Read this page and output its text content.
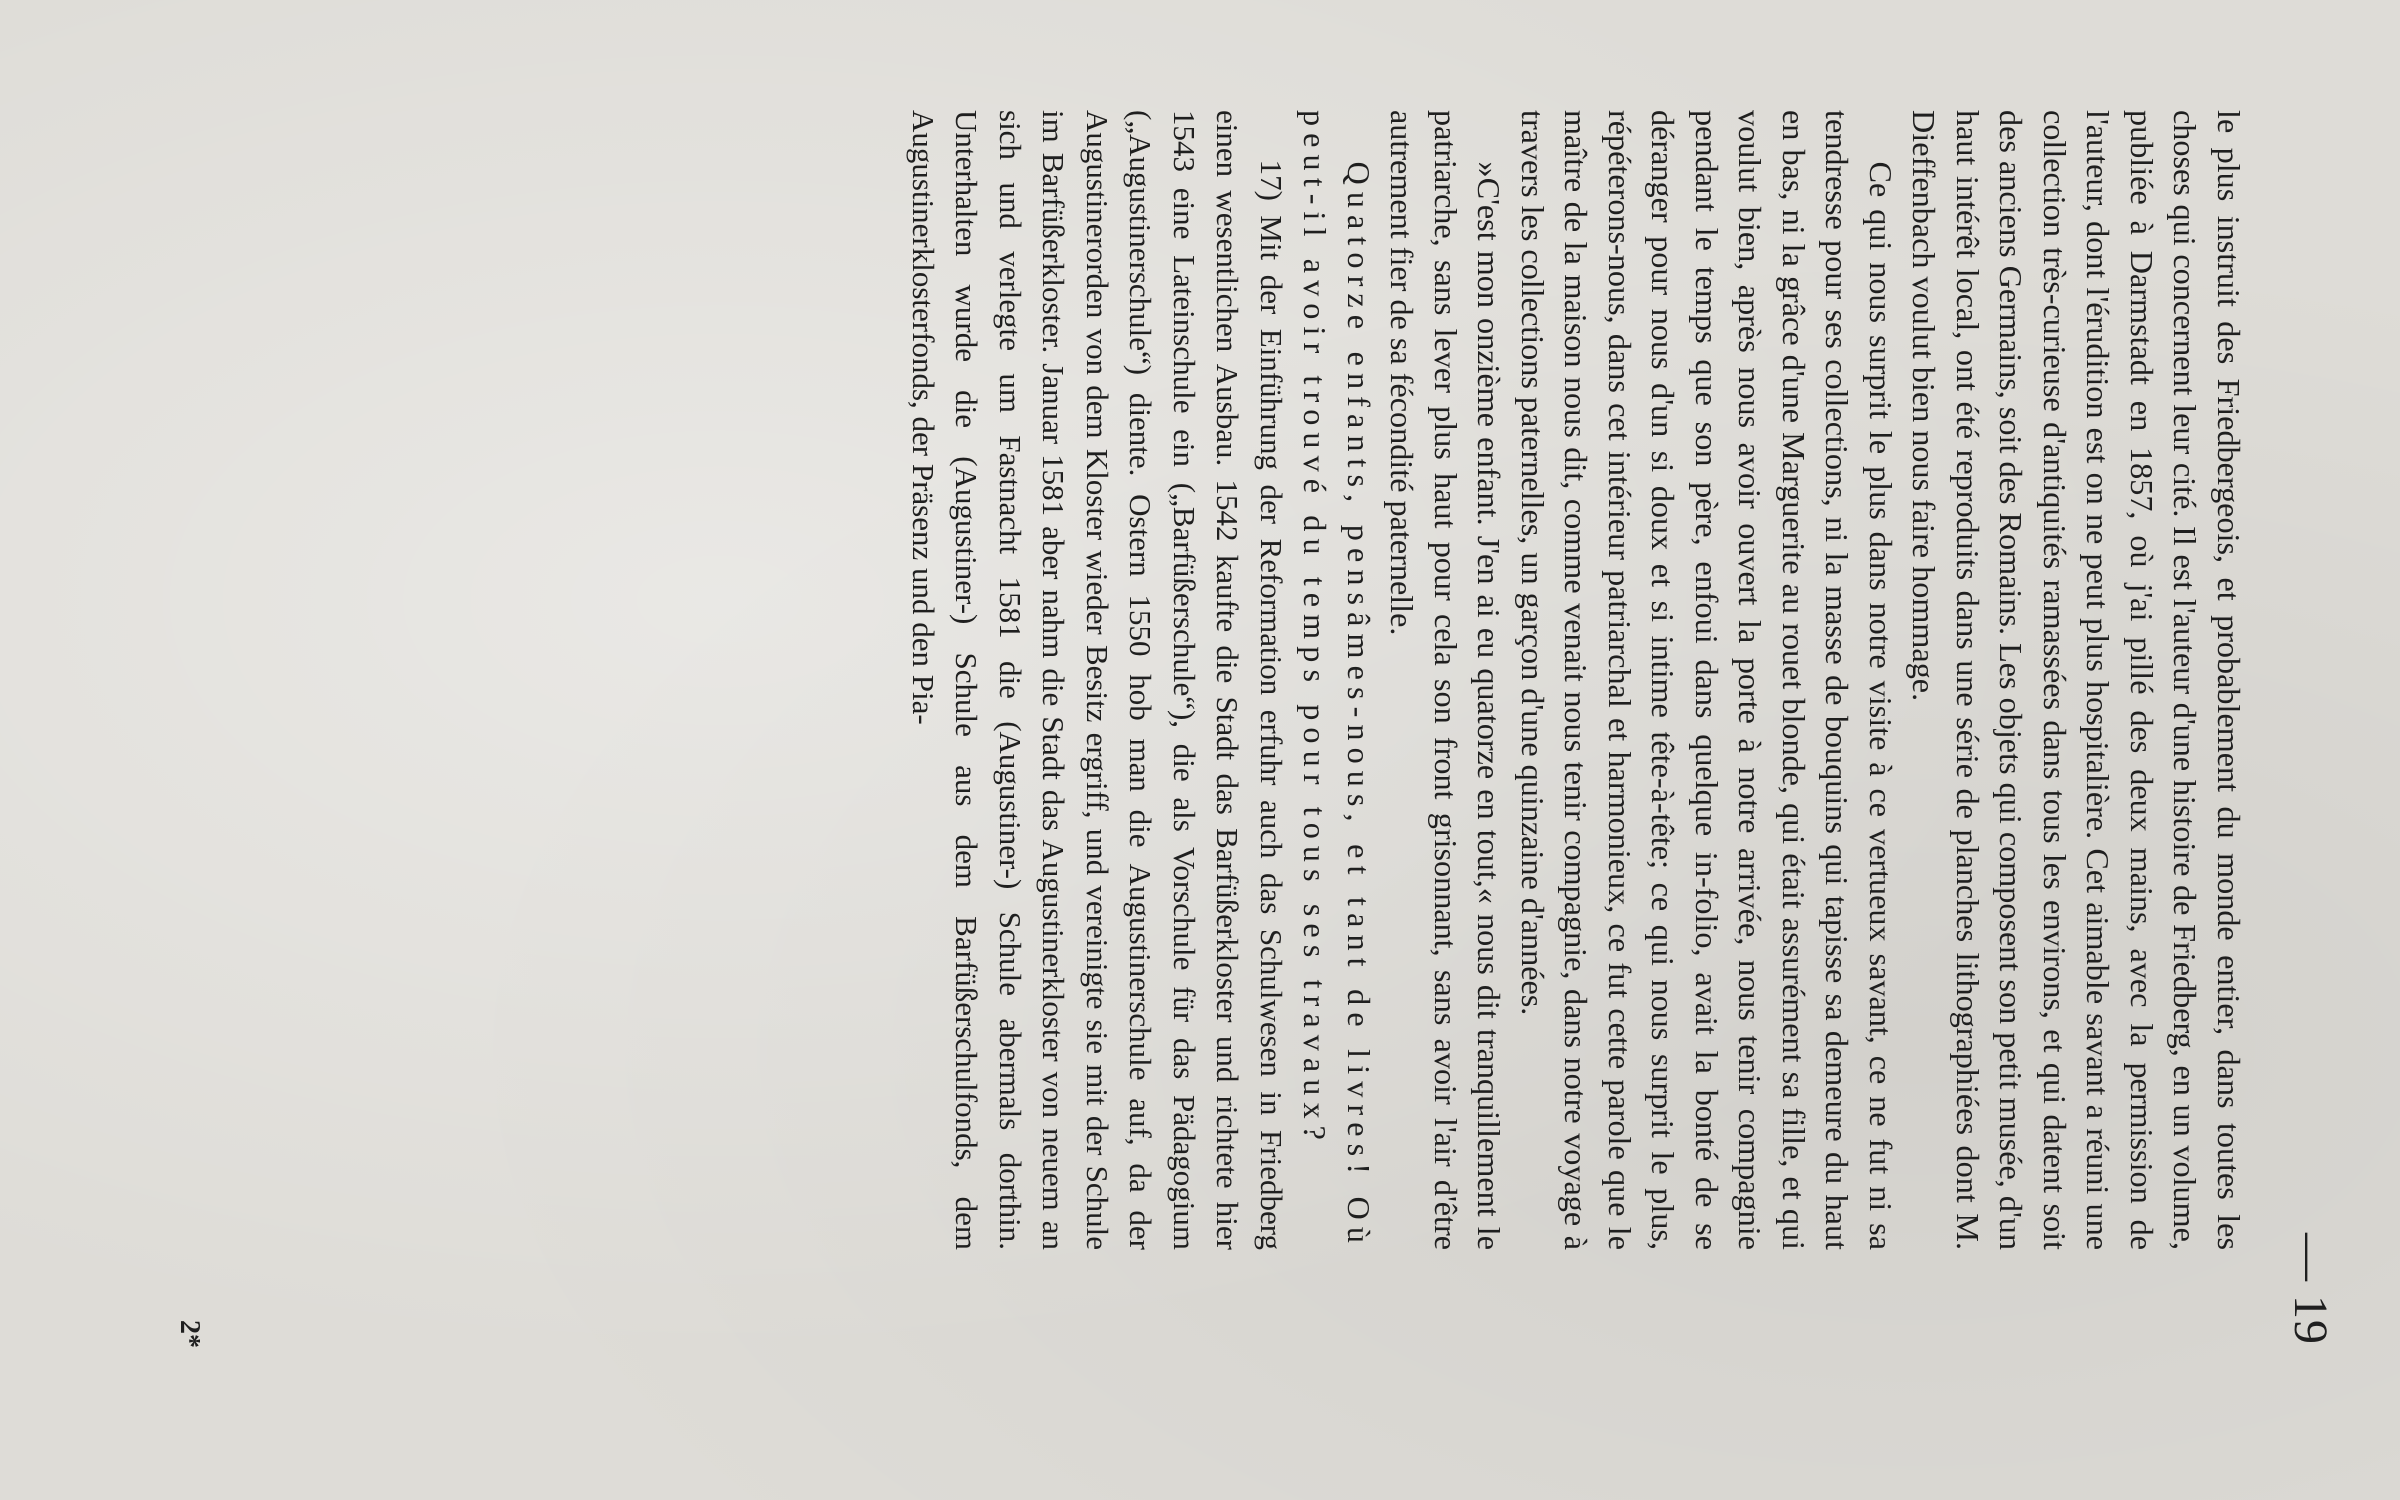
— 19

le plus instruit des Friedbergeois, et probablement du monde entier, dans toutes les choses qui concernent leur cité. Il est l'auteur d'une histoire de Friedberg, en un volume, publiée à Darmstadt en 1857, où j'ai pillé des deux mains, avec la permission de l'auteur, dont l'érudition est on ne peut plus hospitalière. Cet aimable savant a réuni une collection très-curieuse d'antiquités ramassées dans tous les environs, et qui datent soit des anciens Germains, soit des Romains. Les objets qui composent son petit musée, d'un haut intérêt local, ont été reproduits dans une série de planches lithographiées dont M. Dieffenbach voulut bien nous faire hommage.

Ce qui nous surprit le plus dans notre visite à ce vertueux savant, ce ne fut ni sa tendresse pour ses collections, ni la masse de bouquins qui tapisse sa demeure du haut en bas, ni la grâce d'une Marguerite au rouet blonde, qui était assurément sa fille, et qui voulut bien, après nous avoir ouvert la porte à notre arrivée, nous tenir compagnie pendant le temps que son père, enfoui dans quelque in-folio, avait la bonté de se déranger pour nous d'un si doux et si intime tête-à-tête; ce qui nous surprit le plus, répéterons-nous, dans cet intérieur patriarchal et harmonieux, ce fut cette parole que le maître de la maison nous dit, comme venait nous tenir compagnie, dans notre voyage à travers les collections paternelles, un garçon d'une quinzaine d'années.

»C'est mon onzième enfant. J'en ai eu quatorze en tout,« nous dit tranquillement le patriarche, sans lever plus haut pour cela son front grisonnant, sans avoir l'air d'être autrement fier de sa fécondité paternelle.

Quatorze enfants, pensâmes-nous, et tant de livres! Où peut-il avoir trouvé du temps pour tous ses travaux?

17) Mit der Einführung der Reformation erfuhr auch das Schulwesen in Friedberg einen wesentlichen Ausbau. 1542 kaufte die Stadt das Barfüßerkloster und richtete hier 1543 eine Lateinschule ein („Barfüßerschule“), die als Vorschule für das Pädagogium („Augustinerschule“) diente. Ostern 1550 hob man die Augustinerschule auf, da der Augustinerorden von dem Kloster wieder Besitz ergriff, und vereinigte sie mit der Schule im Barfüßerkloster. Januar 1581 aber nahm die Stadt das Augustinerkloster von neuem an sich und verlegte um Fastnacht 1581 die (Augustiner-) Schule abermals dorthin. Unterhalten wurde die (Augustiner-) Schule aus dem Barfüßerschulfonds, dem Augustinerklosterfonds, der Präsenz und den Pia-

2*
